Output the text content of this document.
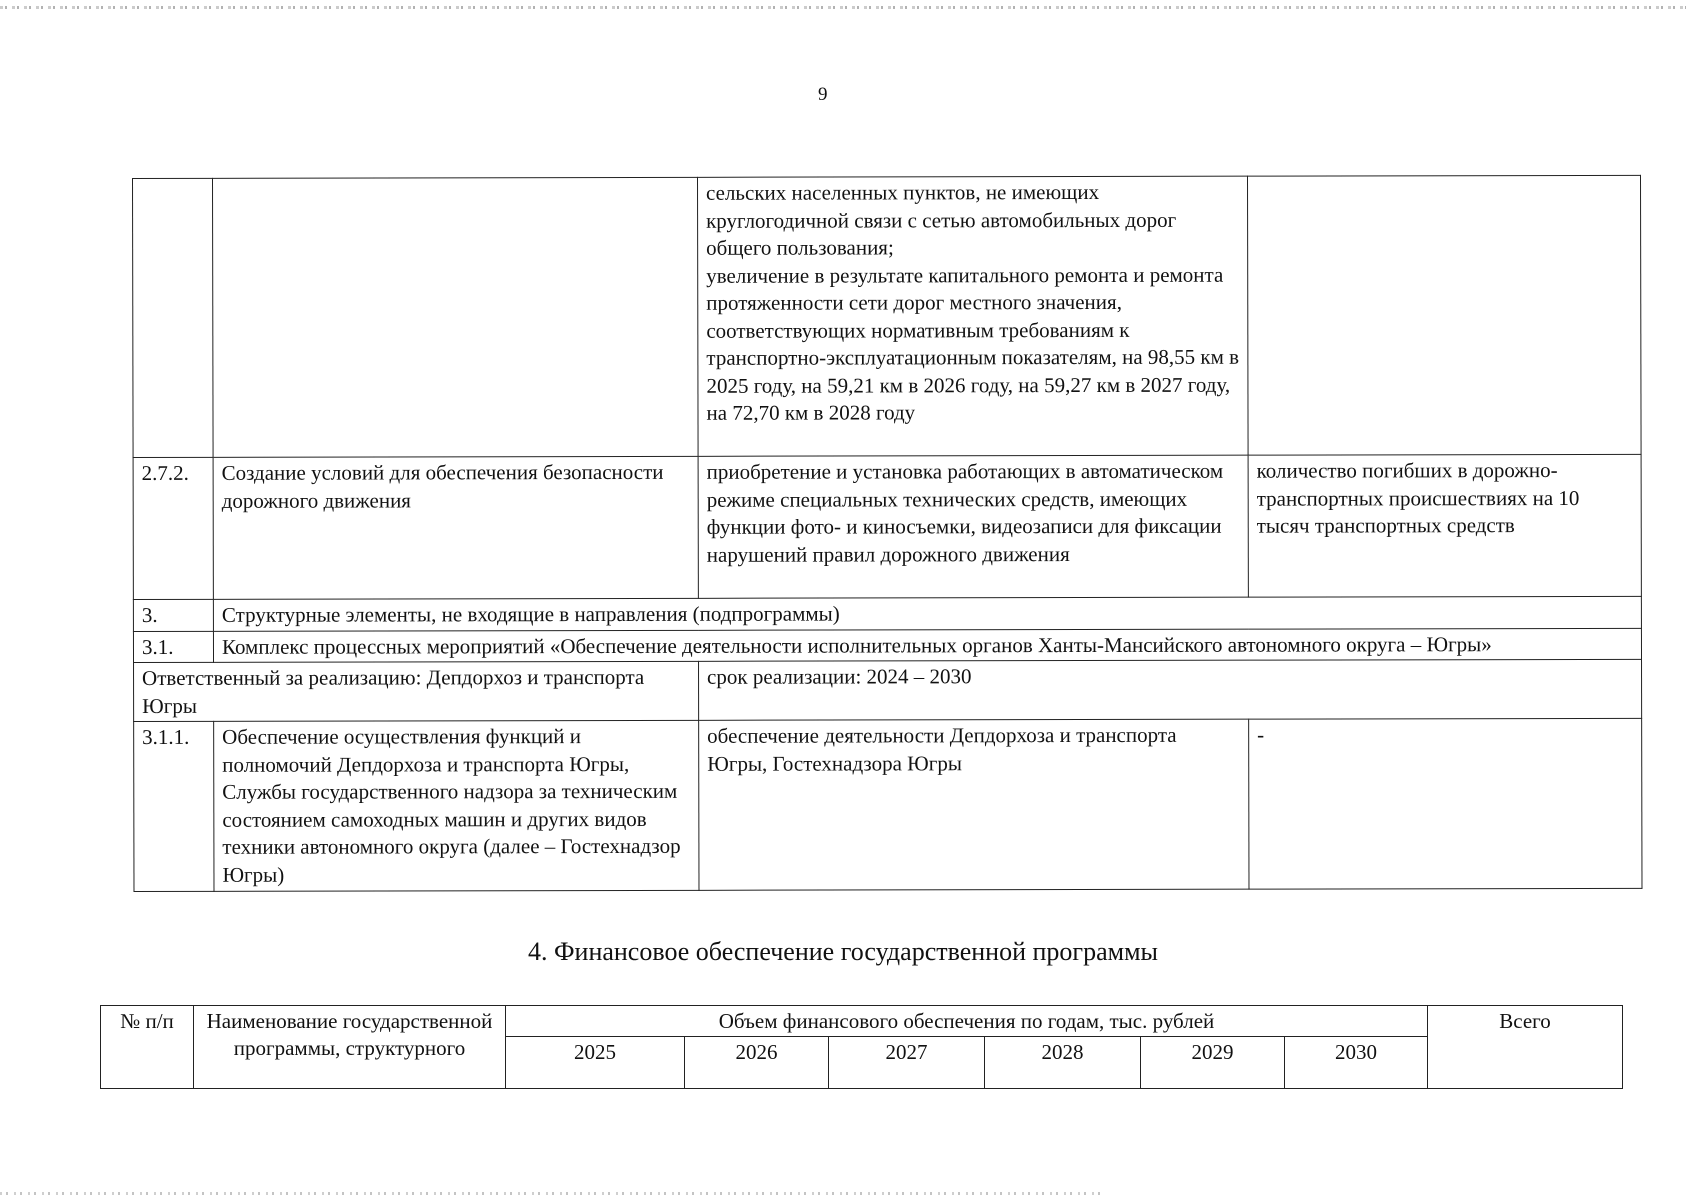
9
		сельских населенных пунктов, не имеющих круглогодичной связи с сетью автомобильных дорог общего пользования;
увеличение в результате капитального ремонта и ремонта протяженности сети дорог местного значения, соответствующих нормативным требованиям к транспортно-эксплуатационным показателям, на 98,55 км в 2025 году, на 59,21 км в 2026 году, на 59,27 км в 2027 году, на 72,70 км в 2028 году	
2.7.2.	Создание условий для обеспечения безопасности дорожного движения	приобретение и установка работающих в автоматическом режиме специальных технических средств, имеющих функции фото- и киносъемки, видеозаписи для фиксации нарушений правил дорожного движения	количество погибших в дорожно-транспортных происшествиях на 10 тысяч транспортных средств
3.	Структурные элементы, не входящие в направления (подпрограммы)		
3.1.	Комплекс процессных мероприятий «Обеспечение деятельности исполнительных органов Ханты-Мансийского автономного округа – Югры»		
Ответственный за реализацию: Депдорхоз и транспорта Югры		срок реализации: 2024 – 2030	
3.1.1.	Обеспечение осуществления функций и полномочий Депдорхоза и транспорта Югры, Службы государственного надзора за техническим состоянием самоходных машин и других видов техники автономного округа (далее – Гостехнадзор Югры)	обеспечение деятельности Депдорхоза и транспорта Югры, Гостехнадзора Югры	-
4. Финансовое обеспечение государственной программы
№ п/п	Наименование государственной программы, структурного	Объем финансового обеспечения по годам, тыс. рублей						Всего
		2025	2026	2027	2028	2029	2030	
